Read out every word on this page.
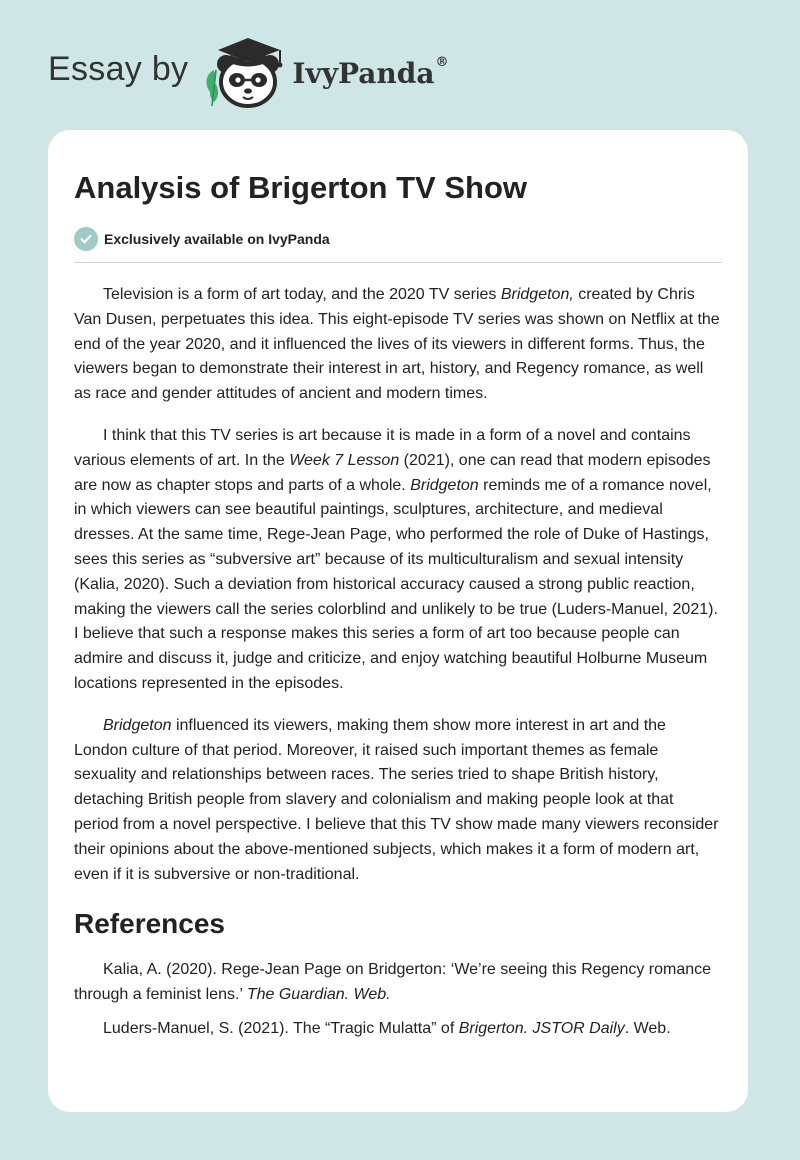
Essay by	IvyPanda®
Analysis of Brigerton TV Show
Exclusively available on IvyPanda

Television is a form of art today, and the 2020 TV series Bridgeton, created by Chris Van Dusen, perpetuates this idea. This eight-episode TV series was shown on Netflix at the end of the year 2020, and it influenced the lives of its viewers in different forms. Thus, the viewers began to demonstrate their interest in art, history, and Regency romance, as well as race and gender attitudes of ancient and modern times.

I think that this TV series is art because it is made in a form of a novel and contains various elements of art. In the Week 7 Lesson (2021), one can read that modern episodes are now as chapter stops and parts of a whole. Bridgeton reminds me of a romance novel, in which viewers can see beautiful paintings, sculptures, architecture, and medieval dresses. At the same time, Rege-Jean Page, who performed the role of Duke of Hastings, sees this series as “subversive art” because of its multiculturalism and sexual intensity (Kalia, 2020). Such a deviation from historical accuracy caused a strong public reaction, making the viewers call the series colorblind and unlikely to be true (Luders-Manuel, 2021). I believe that such a response makes this series a form of art too because people can admire and discuss it, judge and criticize, and enjoy watching beautiful Holburne Museum locations represented in the episodes.

Bridgeton influenced its viewers, making them show more interest in art and the London culture of that period. Moreover, it raised such important themes as female sexuality and relationships between races. The series tried to shape British history, detaching British people from slavery and colonialism and making people look at that period from a novel perspective. I believe that this TV show made many viewers reconsider their opinions about the above-mentioned subjects, which makes it a form of modern art, even if it is subversive or non-traditional.

References

Kalia, A. (2020). Rege-Jean Page on Bridgerton: ‘We’re seeing this Regency romance through a feminist lens.’ The Guardian. Web.

Luders-Manuel, S. (2021). The “Tragic Mulatta” of Brigerton. JSTOR Daily. Web.
